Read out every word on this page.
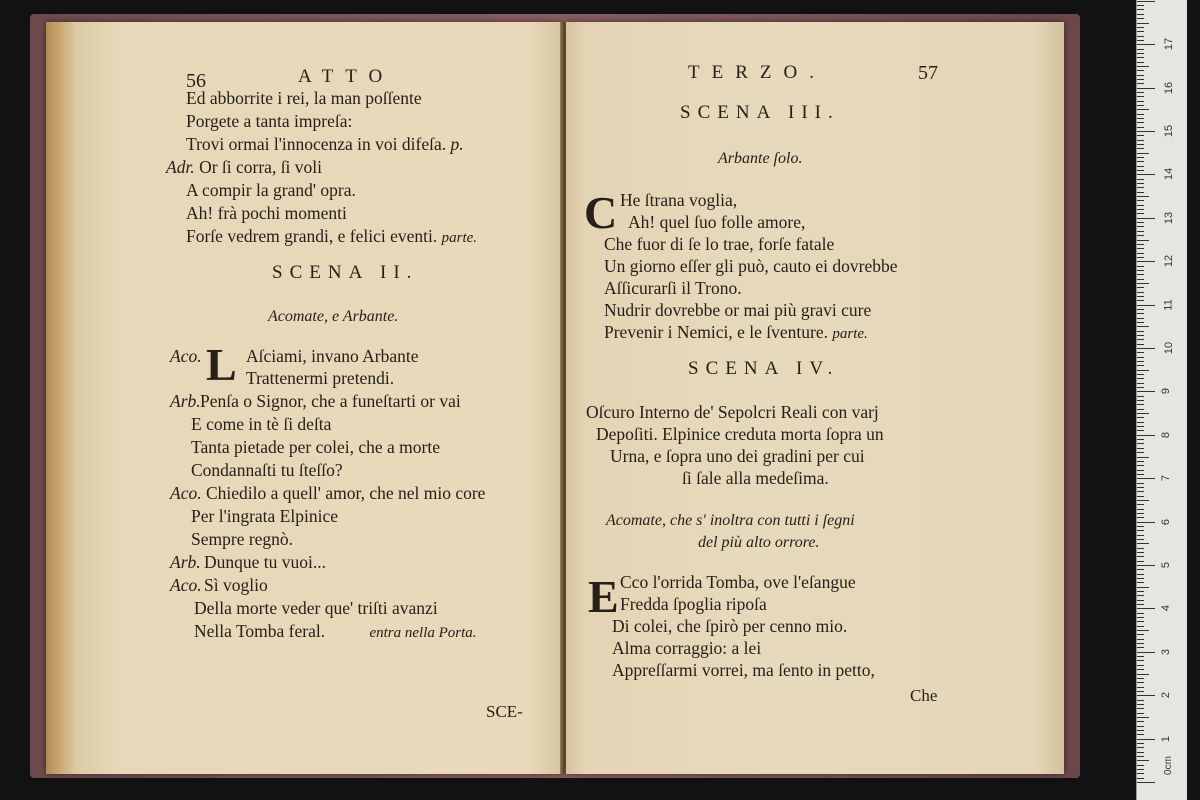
56	ATTO
Ed abborrite i rei, la man poſſente
Porgete a tanta impreſa:
Trovi ormai l'innocenza in voi difeſa. p.
Adr. Or ſi corra, ſi voli
A compir la grand' opra.
Ah! frà pochi momenti
Forſe vedrem grandi, e felici eventi. parte.
SCENA II.
Acomate, e Arbante.
L
Aco.	Aſciami, invano Arbante
Trattenermi pretendi.
Arb.Penſa o Signor, che a funeſtarti or vai
E come in tè ſi deſta
Tanta pietade per colei, che a morte
Condannaſti tu ſteſſo?
Aco. Chiedilo a quell' amor, che nel mio core
Per l'ingrata Elpinice
Sempre regnò.
Arb. Dunque tu vuoi...
Aco. Sì voglio
Della morte veder que' triſti avanzi
Nella Tomba feral.	entra nella Porta.
SCE-
TERZO.	57
SCENA III.
Arbante ſolo.
C He ſtrana voglia,
Ah! quel ſuo folle amore,
Che fuor di ſe lo trae, forſe fatale
Un giorno eſſer gli può, cauto ei dovrebbe
Aſſicurarſi il Trono.
Nudrir dovrebbe or mai più gravi cure
Prevenir i Nemici, e le ſventure. parte.
SCENA IV.
Oſcuro Interno de' Sepolcri Reali con varj
Depoſiti. Elpinice creduta morta ſopra un
Urna, e ſopra uno dei gradini per cui
ſi ſale alla medeſima.
Acomate, che s' inoltra con tutti i ſegni
del più alto orrore.
E Cco l'orrida Tomba, ove l'eſangue
Fredda ſpoglia ripoſa
Di colei, che ſpirò per cenno mio.
Alma corraggio: a lei
Appreſſarmi vorrei, ma ſento in petto,
Che
0cm
1
2
3
4
5
6
7
8
9
10
11
12
13
14
15
16
17
